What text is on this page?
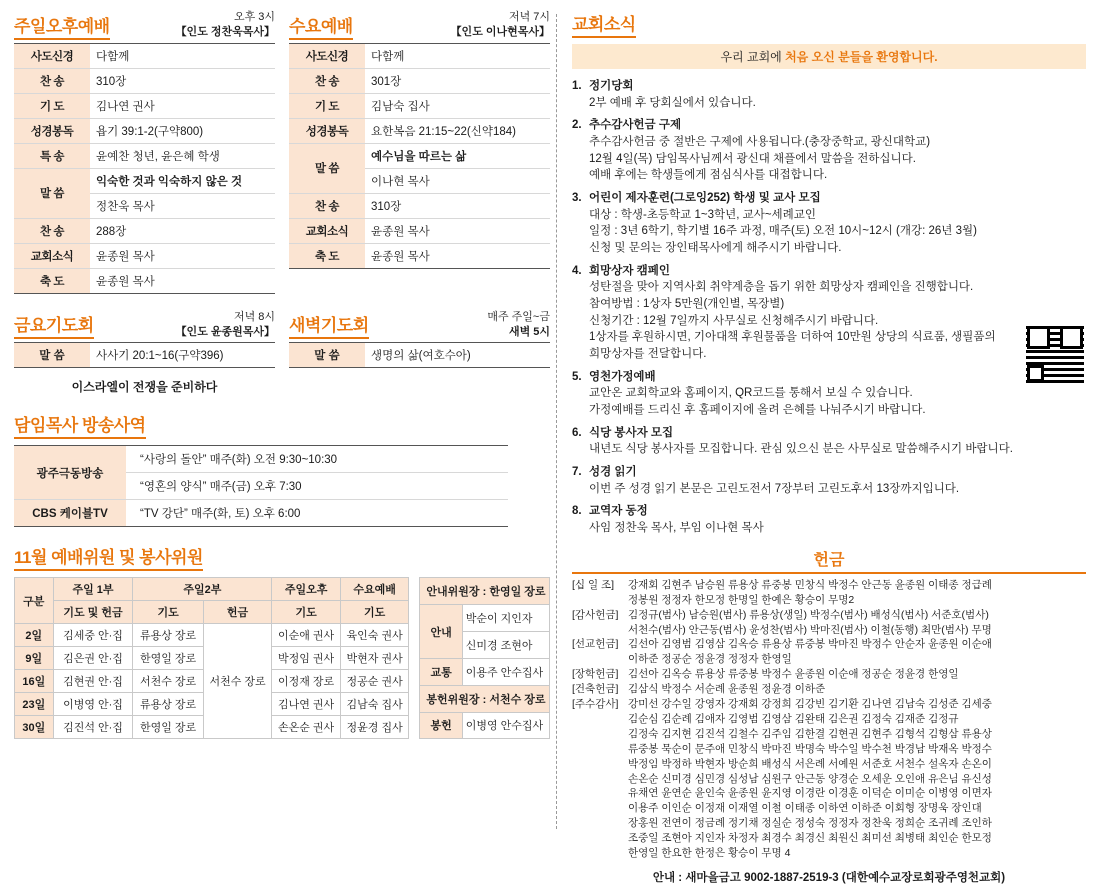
주일오후예배	오후 3시
【인도 정찬욱목사】
사도신경	다함께
찬 송	310장
기 도	김나연 권사
성경봉독	욥기 39:1-2(구약800)
특 송	윤예찬 청년, 윤은혜 학생
말 씀	익숙한 것과 익숙하지 않은 것
	정찬욱 목사
찬 송	288장
교회소식	윤종원 목사
축 도	윤종원 목사
수요예배	저녁 7시
【인도 이나현목사】
사도신경	다함께
찬 송	301장
기 도	김남숙 집사
성경봉독	요한복음 21:15~22(신약184)
말 씀	예수님을 따르는 삶
	이나현 목사
찬 송	310장
교회소식	윤종원 목사
축 도	윤종원 목사
금요기도회	저녁 8시
【인도 윤종원목사】
말 씀	사사기 20:1~16(구약396)
이스라엘이 전쟁을 준비하다
새벽기도회	매주 주일~금
새벽 5시
말 씀	생명의 삶(여호수아)
담임목사 방송사역
광주극동방송	“사랑의 돌안” 매주(화) 오전 9:30~10:30
	“영혼의 양식” 매주(금) 오후 7:30
CBS 케이블TV	“TV 강단” 매주(화, 토) 오후 6:00
11월 예배위원 및 봉사위원
구분	주일 1부	주일2부		주일오후	수요예배
	기도 및 헌금	기도	헌금	기도	기도
2일	김세중 안·집	류용상 장로	서천수 장로	이순애 권사	육인숙 권사
9일	김은권 안·집	한영일 장로		박정임 권사	박현자 권사
16일	김현권 안·집	서천수 장로		이정재 장로	정공순 권사
23일	이병영 안·집	류용상 장로		김나연 권사	김남숙 집사
30일	김진석 안·집	한영일 장로		손온순 권사	정윤경 집사
안내위원장 : 한영일 장로	
안내	박순이 지인자
	신미경 조현아
교통	이용주 안수집사
봉헌위원장 : 서천수 장로	
봉헌	이병영 안수집사
교회소식
우리 교회에 처음 오신 분들을 환영합니다.
1. 정기당회
2부 예배 후 당회실에서 있습니다.
2. 추수감사헌금 구제
추수감사헌금 중 절반은 구제에 사용됩니다.(충장중학교, 광신대학교)
12월 4일(목) 담임목사님께서 광신대 채플에서 말씀을 전하십니다.
예배 후에는 학생들에게 점심식사를 대접합니다.
3. 어린이 제자훈련(그로잉252) 학생 및 교사 모집
대상 : 학생-초등학교 1~3학년, 교사~세례교인
일정 : 3년 6학기, 학기별 16주 과정, 매주(토) 오전 10시~12시 (개강: 26년 3월)
신청 및 문의는 장인태목사에게 해주시기 바랍니다.
4. 희망상자 캠페인
성탄절을 맞아 지역사회 취약계층을 돕기 위한 희망상자 캠페인을 진행합니다.
참여방법 : 1상자 5만원(개인별, 목장별)
신청기간 : 12월 7일까지 사무실로 신청해주시기 바랍니다.
1상자를 후원하시면, 기아대책 후원물품을 더하여 10만원 상당의 식료품, 생필품의
희망상자를 전달합니다.
5. 영천가정예배
교안온 교회학교와 홈페이지, QR코드를 통해서 보실 수 있습니다.
가정예배를 드리신 후 홈페이지에 올려 은혜를 나눠주시기 바랍니다.
6. 식당 봉사자 모집
내년도 식당 봉사자를 모집합니다. 관심 있으신 분은 사무실로 말씀해주시기 바랍니다.
7. 성경 읽기
이번 주 성경 읽기 본문은 고린도전서 7장부터 고린도후서 13장까지입니다.
8. 교역자 동정
사임 정찬욱 목사, 부임 이나현 목사
헌금
[십 일 조]	강재회 김현주 남승원 류용상 류중봉 민창식 박정수 안근동 윤종원 이태종 정급례
정봉원 정정자 한모정 한명일 한예은 황승이 무명2
[감사헌금] 김정규(범사) 남승원(범사) 류용상(생일) 박정수(범사) 배성식(범사) 서준호(범사)
서천수(범사) 안근동(범사) 윤성찬(범사) 박마진(범사) 이철(동행) 최만(범사) 무명
[선교헌금] 김선아 김영범 김영삼 김옥승 류용상 류중봉 박마진 박정수 안순자 윤종원 이순애
이하준 정공순 정윤경 정정자 한영일
[장학헌금] 김선아 김옥승 류용상 류중봉 박정수 윤종원 이순애 정공순 정윤경 한영일
[건축헌금] 김삼식 박정수 서순례 윤종원 정윤경 이하준
[주수감사] 강미선 강수일 강영자 강재회 강정희 김강빈 김기환 김나연 김남숙 김성준 김세중
김순심 김순례 김애자 김영범 김영삼 김완태 김은권 김정숙 김재준 김정규
김정숙 김지현 김진석 김철수 김주임 김한결 김현권 김현주 김형석 김형삼 류용상
류중봉 묵순이 문주애 민창식 박마진 박명숙 박수일 박수천 박경남 박재옥 박정수
박정임 박정하 박현자 방순희 배성식 서은례 서예원 서준호 서천수 설옥자 손온이
손온순 신미경 심민경 심성남 심원구 안근동 양경순 오세운 오인애 유은님 유신성
유채연 윤연순 윤인숙 윤종원 윤지영 이경란 이경훈 이덕순 이미순 이병영 이면자
이용주 이인순 이정재 이재열 이철 이태종 이하연 이하준 이회형 장명욱 장인대
장홍원 전연이 정금례 정기채 정실순 정성숙 정정자 정찬욱 정희순 조귀례 조인하
조중일 조현아 지인자 차정자 최경수 최경신 최원신 최미선 최병태 최인순 한모정
한영일 한요한 한정은 황승이 무명 4
안내 : 새마을금고 9002-1887-2519-3 (대한예수교장로회광주영천교회)
